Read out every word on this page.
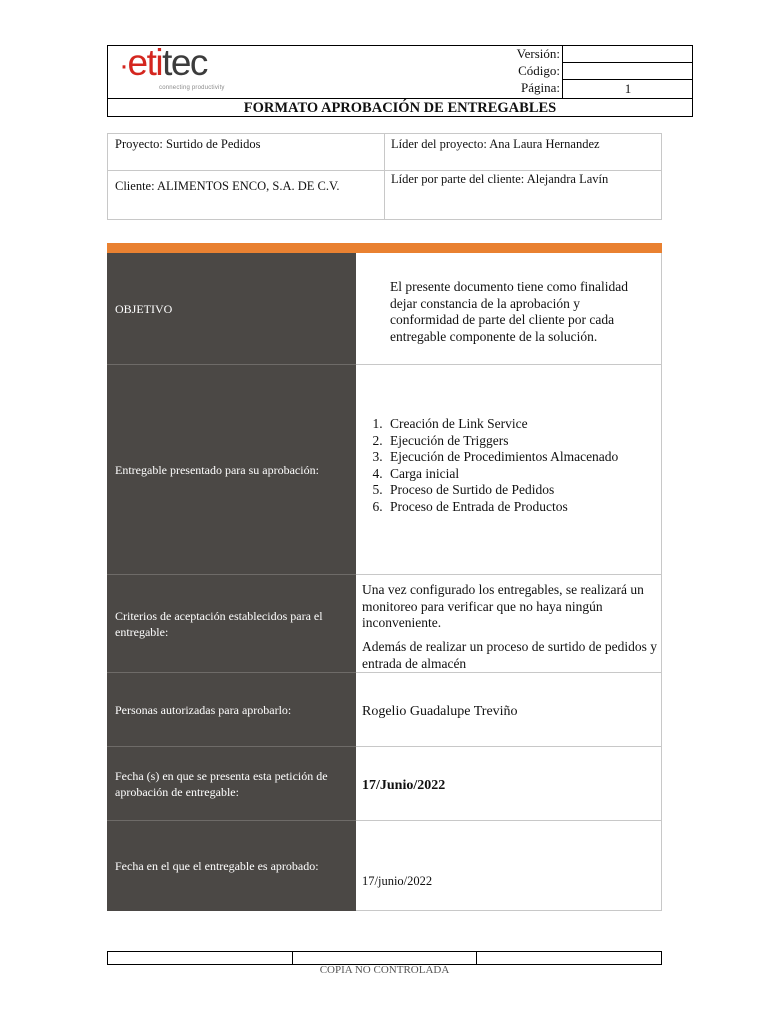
·etitec
connecting productivity
Versión:
Código:
Página:	1
FORMATO APROBACIÓN DE ENTREGABLES
Proyecto: Surtido de Pedidos	Líder del proyecto: Ana Laura Hernandez
Cliente: ALIMENTOS ENCO, S.A. DE C.V.	Líder por parte del cliente: Alejandra Lavín
OBJETIVO
El presente documento tiene como finalidad dejar constancia de la aprobación y conformidad de parte del cliente por cada entregable componente de la solución.
Entregable presentado para su aprobación:
1. Creación de Link Service
2. Ejecución de Triggers
3. Ejecución de Procedimientos Almacenado
4. Carga inicial
5. Proceso de Surtido de Pedidos
6. Proceso de Entrada de Productos
Criterios de aceptación establecidos para el entregable:
Una vez configurado los entregables, se realizará un monitoreo para verificar que no haya ningún inconveniente.
Además de realizar un proceso de surtido de pedidos y entrada de almacén
Personas autorizadas para aprobarlo:	Rogelio Guadalupe Treviño
Fecha (s) en que se presenta esta petición de aprobación de entregable:	17/Junio/2022
Fecha en el que el entregable es aprobado:
17/junio/2022
COPIA NO CONTROLADA
